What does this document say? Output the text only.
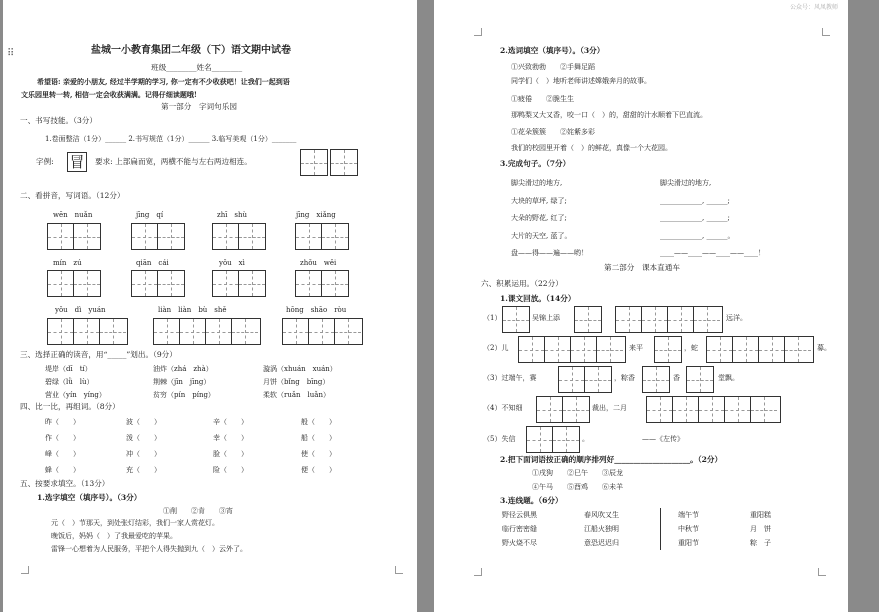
⠿	盐城一小教育集团二年级（下）语文期中试卷
班级________姓名________
希望语: 亲爱的小朋友, 经过半学期的学习, 你一定有不少收获吧！让我们一起到语
文乐园里转一转, 相信一定会收获满满。记得仔细读题哦!
第一部分　字词句乐园
一、书写技能。（3分）
1.卷面整洁（1分）______ 2.书写规范（1分）______ 3.临写美观（1分）_______
字例: 冒	要求: 上部扁而宽，两横不能与左右两边相连。
二、看拼音，写词语。（12分）
wēn　nuǎn	jīng　qí	zhī　shù	jīng　xiǎng
mín　zú	qiān　cái	yǒu　xì	zhǒu　wěi
yǒu　dì　yuán	liàn　liàn　bù　shě	hōng　shāo　ròu
三、选择正确的读音，用“_____”划出。（9分）
堤岸（dī　tí）	油炸（zhá　zhà）	漩涡（xhuán　xuán）
碧绿（lǜ　lù）	荆棘（jīn　jīng）	月饼（bǐng　bīng）
营业（yín　yíng）	贫穷（pín　píng）	柔软（ruǎn　luǎn）
四、比一比，再组词。（8分）
昨（　　）	波（　　）	辛（　　）	般（　　）
作（　　）	泼（　　）	幸（　　）	船（　　）
峰（　　）	冲（　　）	脸（　　）	使（　　）
蜂（　　）	充（　　）	险（　　）	便（　　）
五、按要求填空。（13分）
1.选字填空（填序号）。（3分）
①削　　②肯　　③宵
元（　）节那天，到处张灯结彩，我们一家人赏花灯。
晚饭后，妈妈（　）了我最爱吃的苹果。
雷锋一心想着为人民服务，平把个人得失抛到九（　）云外了。
公众号：风凤教师
2.选词填空（填序号）。（3分）
①兴致勃勃　　②手舞足蹈
同学们（　）地听老师讲述嫦娥奔月的故事。
①疲倦　　②脆生生
那鸭梨又大又香，咬一口（　）的，甜甜的汁水顺着下巴直流。
①花朵簇簇　　②姹紫多彩
我们的校园里开着（　）的鲜花，真像一个大花园。
3.完成句子。（7分）
脚尖滑过的地方,	脚尖滑过的地方,
大块的草坪, 绿了;	____________, ______;
大朵的野花, 红了;	____________, ______;
大片的天空, 蓝了。	____________, ______。
盘——得——遍——哟！	____——____——____——____！
第二部分　课本直通车
六、积累运用。（22分）
1.课文回放。（14分）
（1）	吴锦上添	远洋。
（2）儿	来平	，蛇	募。
（3）过端午，赛	，粽香	香	堂飘。
（4）不知细	裁出，二月
（5）失信	。	——《左传》
2.把下面词语按正确的顺序排列好____________________。（2分）
①戌狗　　②巳午　　③辰龙
④午马　　⑤酉鸡　　⑥未羊
3.连线题。（6分）
野径云俱黑	春风吹又生	端午节	重阳糕
临行密密缝	江船火独明	中秋节	月　饼
野火烧不尽	意恐迟迟归	重阳节	粽　子
